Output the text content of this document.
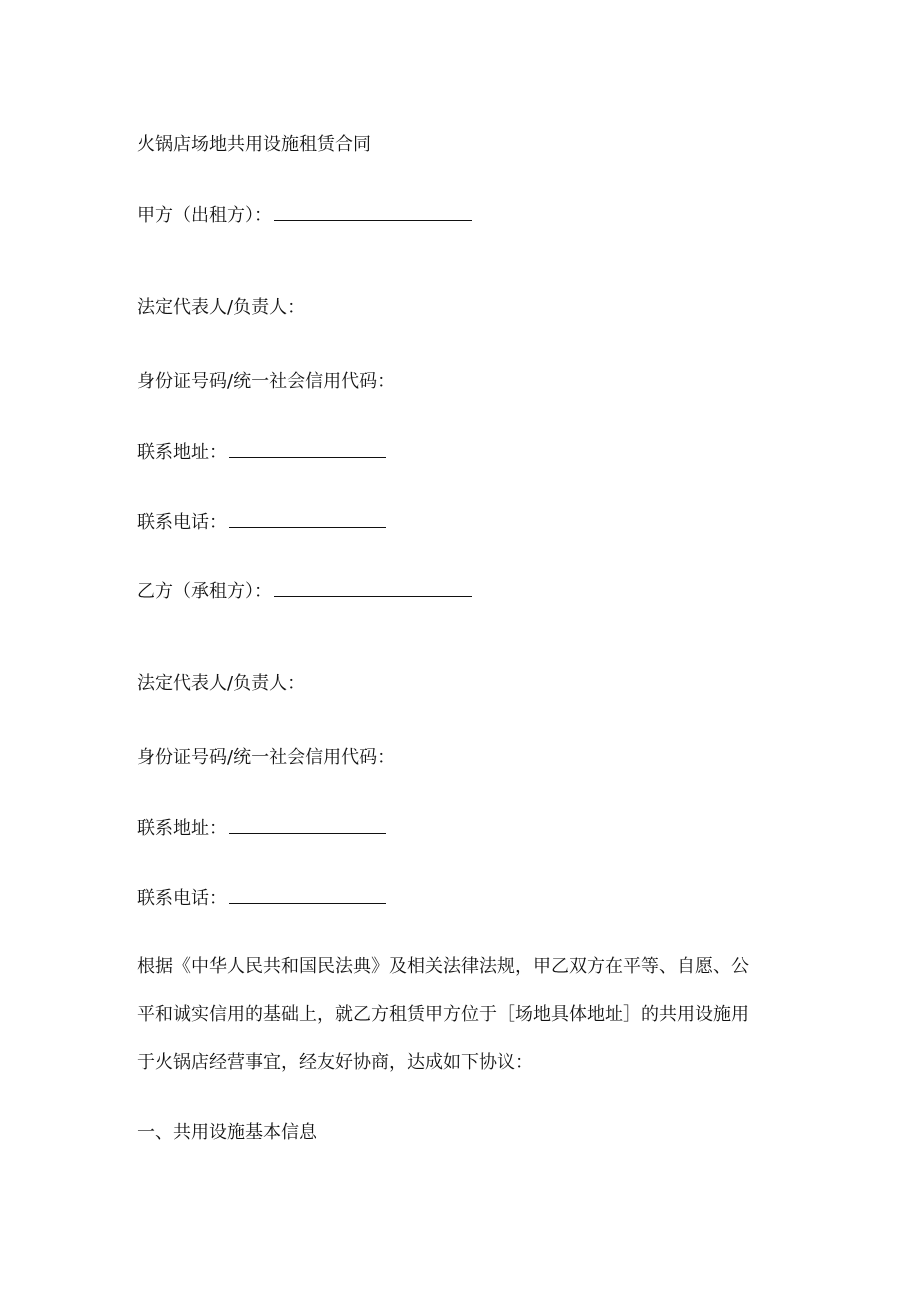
火锅店场地共用设施租赁合同
甲方（出租方）：
法定代表人/负责人：
身份证号码/统一社会信用代码：
联系地址：
联系电话：
乙方（承租方）：
法定代表人/负责人：
身份证号码/统一社会信用代码：
联系地址：
联系电话：
根据《中华人民共和国民法典》及相关法律法规，甲乙双方在平等、自愿、公
平和诚实信用的基础上，就乙方租赁甲方位于［场地具体地址］的共用设施用
于火锅店经营事宜，经友好协商，达成如下协议：
一、共用设施基本信息
